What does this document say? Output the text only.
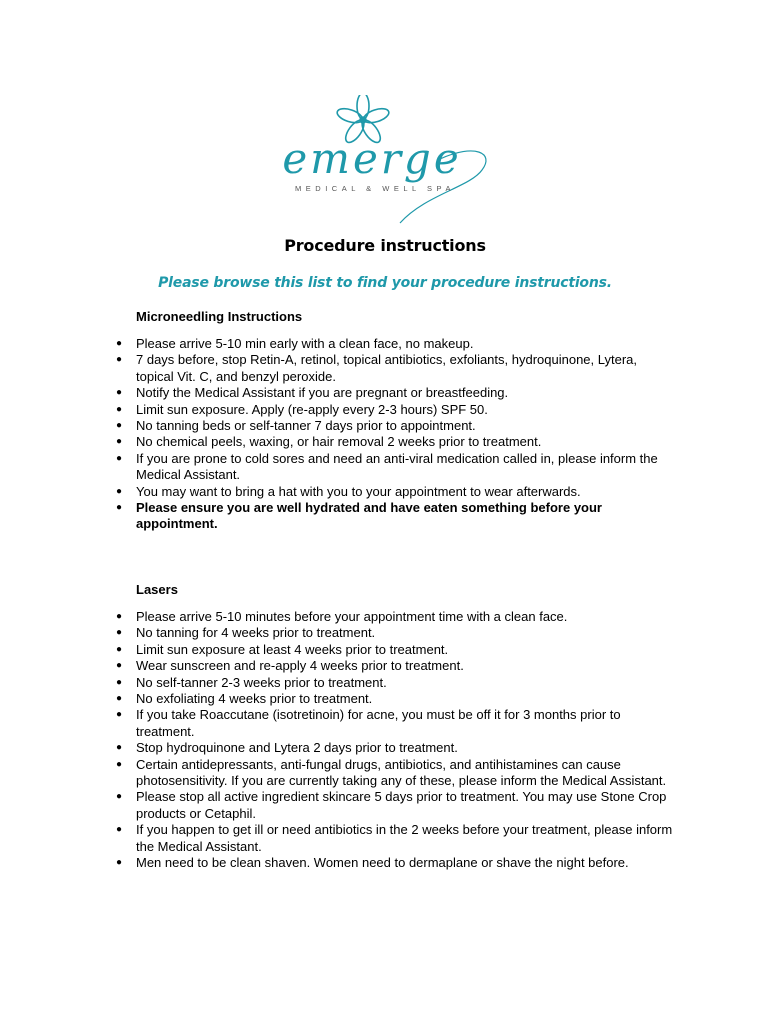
emerge
MEDICAL & WELL SPA
Procedure instructions
Please browse this list to find your procedure instructions.
Microneedling Instructions
● Please arrive 5-10 min early with a clean face, no makeup.
● 7 days before, stop Retin-A, retinol, topical antibiotics, exfoliants, hydroquinone, Lytera, topical Vit. C, and benzyl peroxide.
● Notify the Medical Assistant if you are pregnant or breastfeeding.
● Limit sun exposure. Apply (re-apply every 2-3 hours) SPF 50.
● No tanning beds or self-tanner 7 days prior to appointment.
● No chemical peels, waxing, or hair removal 2 weeks prior to treatment.
● If you are prone to cold sores and need an anti-viral medication called in, please inform the Medical Assistant.
● You may want to bring a hat with you to your appointment to wear afterwards.
● Please ensure you are well hydrated and have eaten something before your appointment.
Lasers
● Please arrive 5-10 minutes before your appointment time with a clean face.
● No tanning for 4 weeks prior to treatment.
● Limit sun exposure at least 4 weeks prior to treatment.
● Wear sunscreen and re-apply 4 weeks prior to treatment.
● No self-tanner 2-3 weeks prior to treatment.
● No exfoliating 4 weeks prior to treatment.
● If you take Roaccutane (isotretinoin) for acne, you must be off it for 3 months prior to treatment.
● Stop hydroquinone and Lytera 2 days prior to treatment.
● Certain antidepressants, anti-fungal drugs, antibiotics, and antihistamines can cause photosensitivity. If you are currently taking any of these, please inform the Medical Assistant.
● Please stop all active ingredient skincare 5 days prior to treatment. You may use Stone Crop products or Cetaphil.
● If you happen to get ill or need antibiotics in the 2 weeks before your treatment, please inform the Medical Assistant.
● Men need to be clean shaven. Women need to dermaplane or shave the night before.
